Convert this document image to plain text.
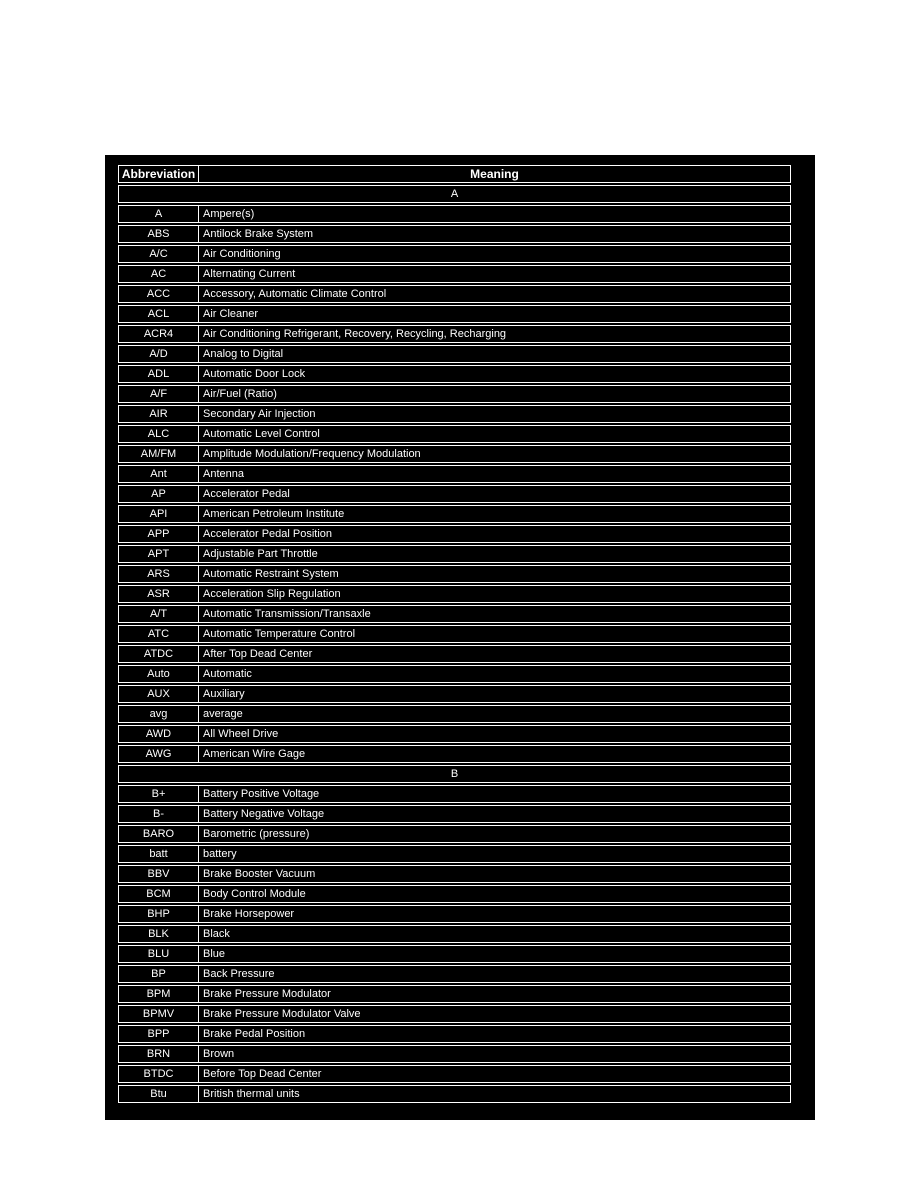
Abbreviation	Meaning
A
A	Ampere(s)
ABS	Antilock Brake System
A/C	Air Conditioning
AC	Alternating Current
ACC	Accessory, Automatic Climate Control
ACL	Air Cleaner
ACR4	Air Conditioning Refrigerant, Recovery, Recycling, Recharging
A/D	Analog to Digital
ADL	Automatic Door Lock
A/F	Air/Fuel (Ratio)
AIR	Secondary Air Injection
ALC	Automatic Level Control
AM/FM	Amplitude Modulation/Frequency Modulation
Ant	Antenna
AP	Accelerator Pedal
API	American Petroleum Institute
APP	Accelerator Pedal Position
APT	Adjustable Part Throttle
ARS	Automatic Restraint System
ASR	Acceleration Slip Regulation
A/T	Automatic Transmission/Transaxle
ATC	Automatic Temperature Control
ATDC	After Top Dead Center
Auto	Automatic
AUX	Auxiliary
avg	average
AWD	All Wheel Drive
AWG	American Wire Gage
B
B+	Battery Positive Voltage
B-	Battery Negative Voltage
BARO	Barometric (pressure)
batt	battery
BBV	Brake Booster Vacuum
BCM	Body Control Module
BHP	Brake Horsepower
BLK	Black
BLU	Blue
BP	Back Pressure
BPM	Brake Pressure Modulator
BPMV	Brake Pressure Modulator Valve
BPP	Brake Pedal Position
BRN	Brown
BTDC	Before Top Dead Center
Btu	British thermal units
